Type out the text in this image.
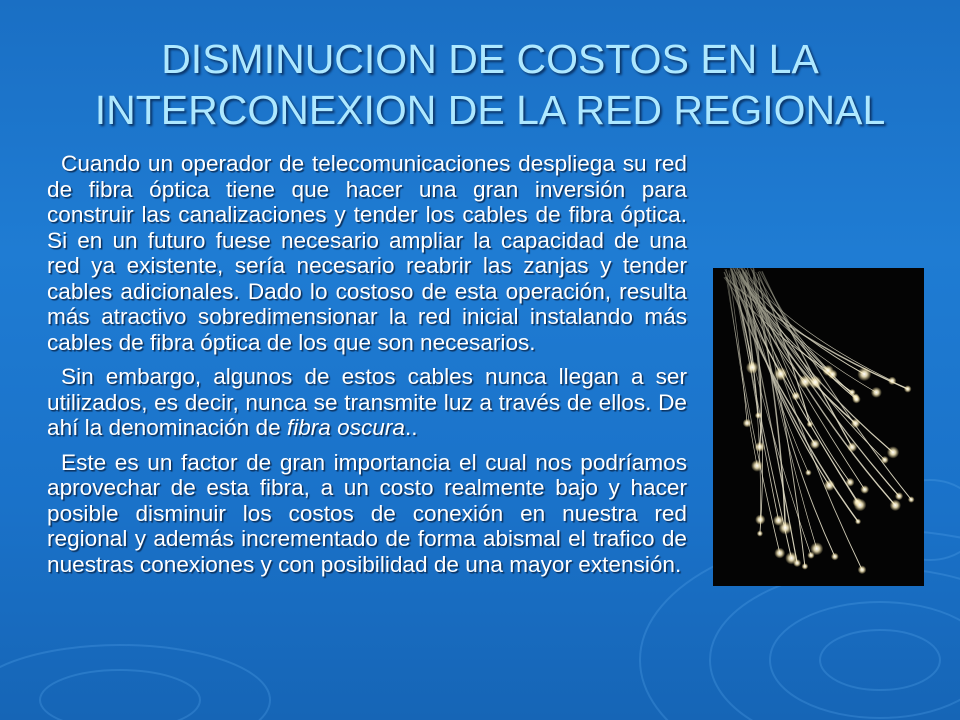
DISMINUCION DE COSTOS EN LA
INTERCONEXION DE LA RED REGIONAL

Cuando un operador de telecomunicaciones despliega su red de fibra óptica tiene que hacer una gran inversión para construir las canalizaciones y tender los cables de fibra óptica. Si en un futuro fuese necesario ampliar la capacidad de una red ya existente, sería necesario reabrir las zanjas y tender cables adicionales. Dado lo costoso de esta operación, resulta más atractivo sobredimensionar la red inicial instalando más cables de fibra óptica de los que son necesarios.

Sin embargo, algunos de estos cables nunca llegan a ser utilizados, es decir, nunca se transmite luz a través de ellos. De ahí la denominación de fibra oscura..

Este es un factor de gran importancia el cual nos podríamos aprovechar de esta fibra, a un costo realmente bajo y hacer posible disminuir los costos de conexión en nuestra red regional y además incrementado de forma abismal el trafico de nuestras conexiones y con posibilidad de una mayor extensión.
